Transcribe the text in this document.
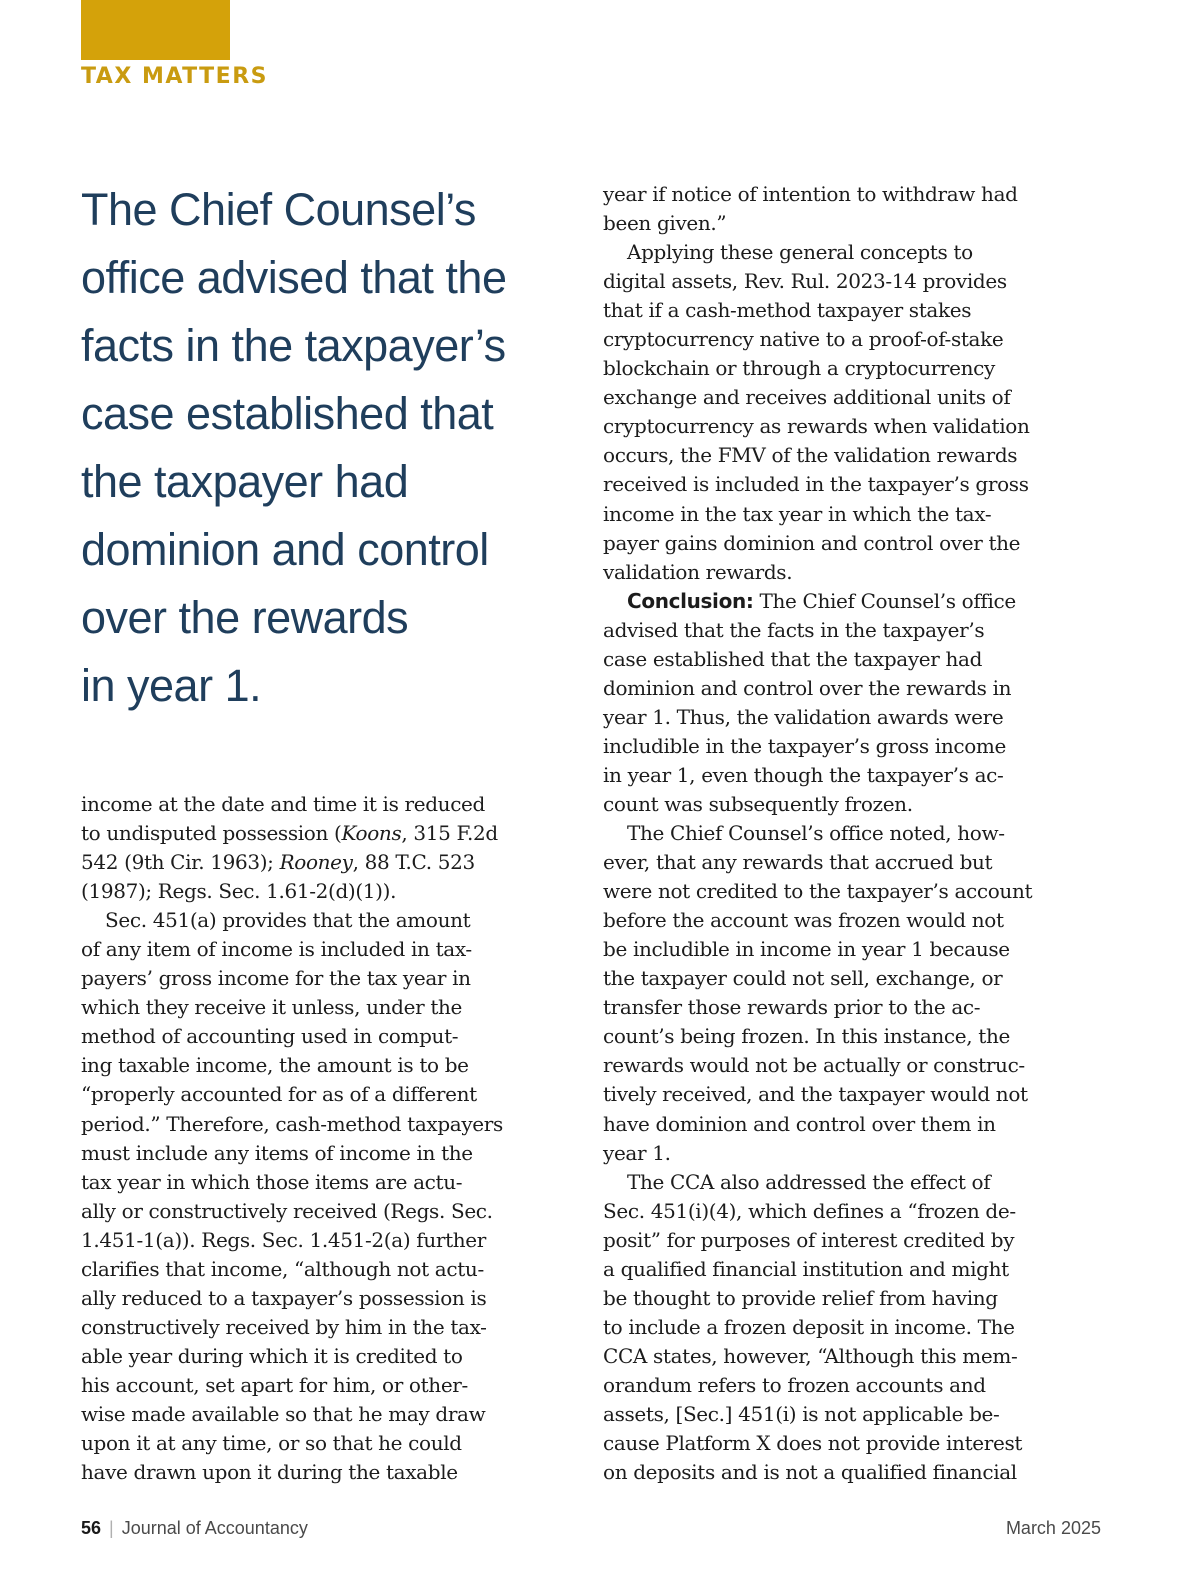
TAX MATTERS
The Chief Counsel’s
office advised that the
facts in the taxpayer’s
case established that
the taxpayer had
dominion and control
over the rewards
in year 1.
income at the date and time it is reduced
to undisputed possession (Koons, 315 F.2d
542 (9th Cir. 1963); Rooney, 88 T.C. 523
(1987); Regs. Sec. 1.61-2(d)(1)).
Sec. 451(a) provides that the amount
of any item of income is included in tax-
payers’ gross income for the tax year in
which they receive it unless, under the
method of accounting used in comput-
ing taxable income, the amount is to be
“properly accounted for as of a different
period.” Therefore, cash-method taxpayers
must include any items of income in the
tax year in which those items are actu-
ally or constructively received (Regs. Sec.
1.451-1(a)). Regs. Sec. 1.451-2(a) further
clarifies that income, “although not actu-
ally reduced to a taxpayer’s possession is
constructively received by him in the tax-
able year during which it is credited to
his account, set apart for him, or other-
wise made available so that he may draw
upon it at any time, or so that he could
have drawn upon it during the taxable
year if notice of intention to withdraw had
been given.”
Applying these general concepts to
digital assets, Rev. Rul. 2023-14 provides
that if a cash-method taxpayer stakes
cryptocurrency native to a proof-of-stake
blockchain or through a cryptocurrency
exchange and receives additional units of
cryptocurrency as rewards when validation
occurs, the FMV of the validation rewards
received is included in the taxpayer’s gross
income in the tax year in which the tax-
payer gains dominion and control over the
validation rewards.
Conclusion: The Chief Counsel’s office
advised that the facts in the taxpayer’s
case established that the taxpayer had
dominion and control over the rewards in
year 1. Thus, the validation awards were
includible in the taxpayer’s gross income
in year 1, even though the taxpayer’s ac-
count was subsequently frozen.
The Chief Counsel’s office noted, how-
ever, that any rewards that accrued but
were not credited to the taxpayer’s account
before the account was frozen would not
be includible in income in year 1 because
the taxpayer could not sell, exchange, or
transfer those rewards prior to the ac-
count’s being frozen. In this instance, the
rewards would not be actually or construc-
tively received, and the taxpayer would not
have dominion and control over them in
year 1.
The CCA also addressed the effect of
Sec. 451(i)(4), which defines a “frozen de-
posit” for purposes of interest credited by
a qualified financial institution and might
be thought to provide relief from having
to include a frozen deposit in income. The
CCA states, however, “Although this mem-
orandum refers to frozen accounts and
assets, [Sec.] 451(i) is not applicable be-
cause Platform X does not provide interest
on deposits and is not a qualified financial
56 | Journal of Accountancy	March 2025
